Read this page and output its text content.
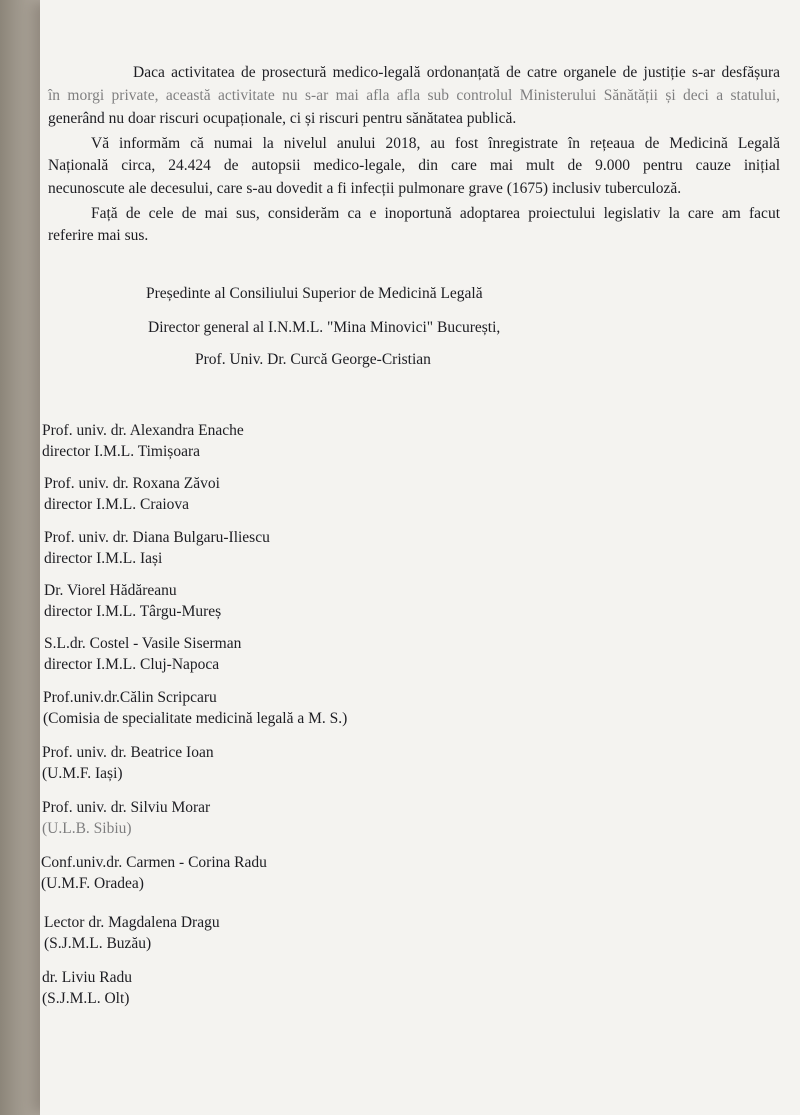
Daca activitatea de prosectură medico-legală ordonanțată de catre organele de justiție s-ar desfășura
în morgi private, această activitate nu s-ar mai afla afla sub controlul Ministerului Sănătății și deci a statului,
generând nu doar riscuri ocupaționale, ci și riscuri pentru sănătatea publică.
Vă informăm că numai la nivelul anului 2018, au fost înregistrate în rețeaua de Medicină Legală
Națională circa, 24.424 de autopsii medico-legale, din care mai mult de 9.000 pentru cauze inițial
necunoscute ale decesului, care s-au dovedit a fi infecții pulmonare grave (1675) inclusiv tuberculoză.
Față de cele de mai sus, considerăm ca e inoportună adoptarea proiectului legislativ la care am facut
referire mai sus.
Președinte al Consiliului Superior de Medicină Legală
Director general al I.N.M.L. "Mina Minovici" București,
Prof. Univ. Dr. Curcă George-Cristian
Prof. univ. dr. Alexandra Enache
director I.M.L. Timișoara
Prof. univ. dr. Roxana Zăvoi
director I.M.L. Craiova
Prof. univ. dr. Diana Bulgaru-Iliescu
director I.M.L. Iași
Dr. Viorel Hădăreanu
director I.M.L. Târgu-Mureș
S.L.dr. Costel - Vasile Siserman
director I.M.L. Cluj-Napoca
Prof.univ.dr.Călin Scripcaru
(Comisia de specialitate medicină legală a M. S.)
Prof. univ. dr. Beatrice Ioan
(U.M.F. Iași)
Prof. univ. dr. Silviu Morar
(U.L.B. Sibiu)
Conf.univ.dr. Carmen - Corina Radu
(U.M.F. Oradea)
Lector dr. Magdalena Dragu
(S.J.M.L. Buzău)
dr. Liviu Radu
(S.J.M.L. Olt)
